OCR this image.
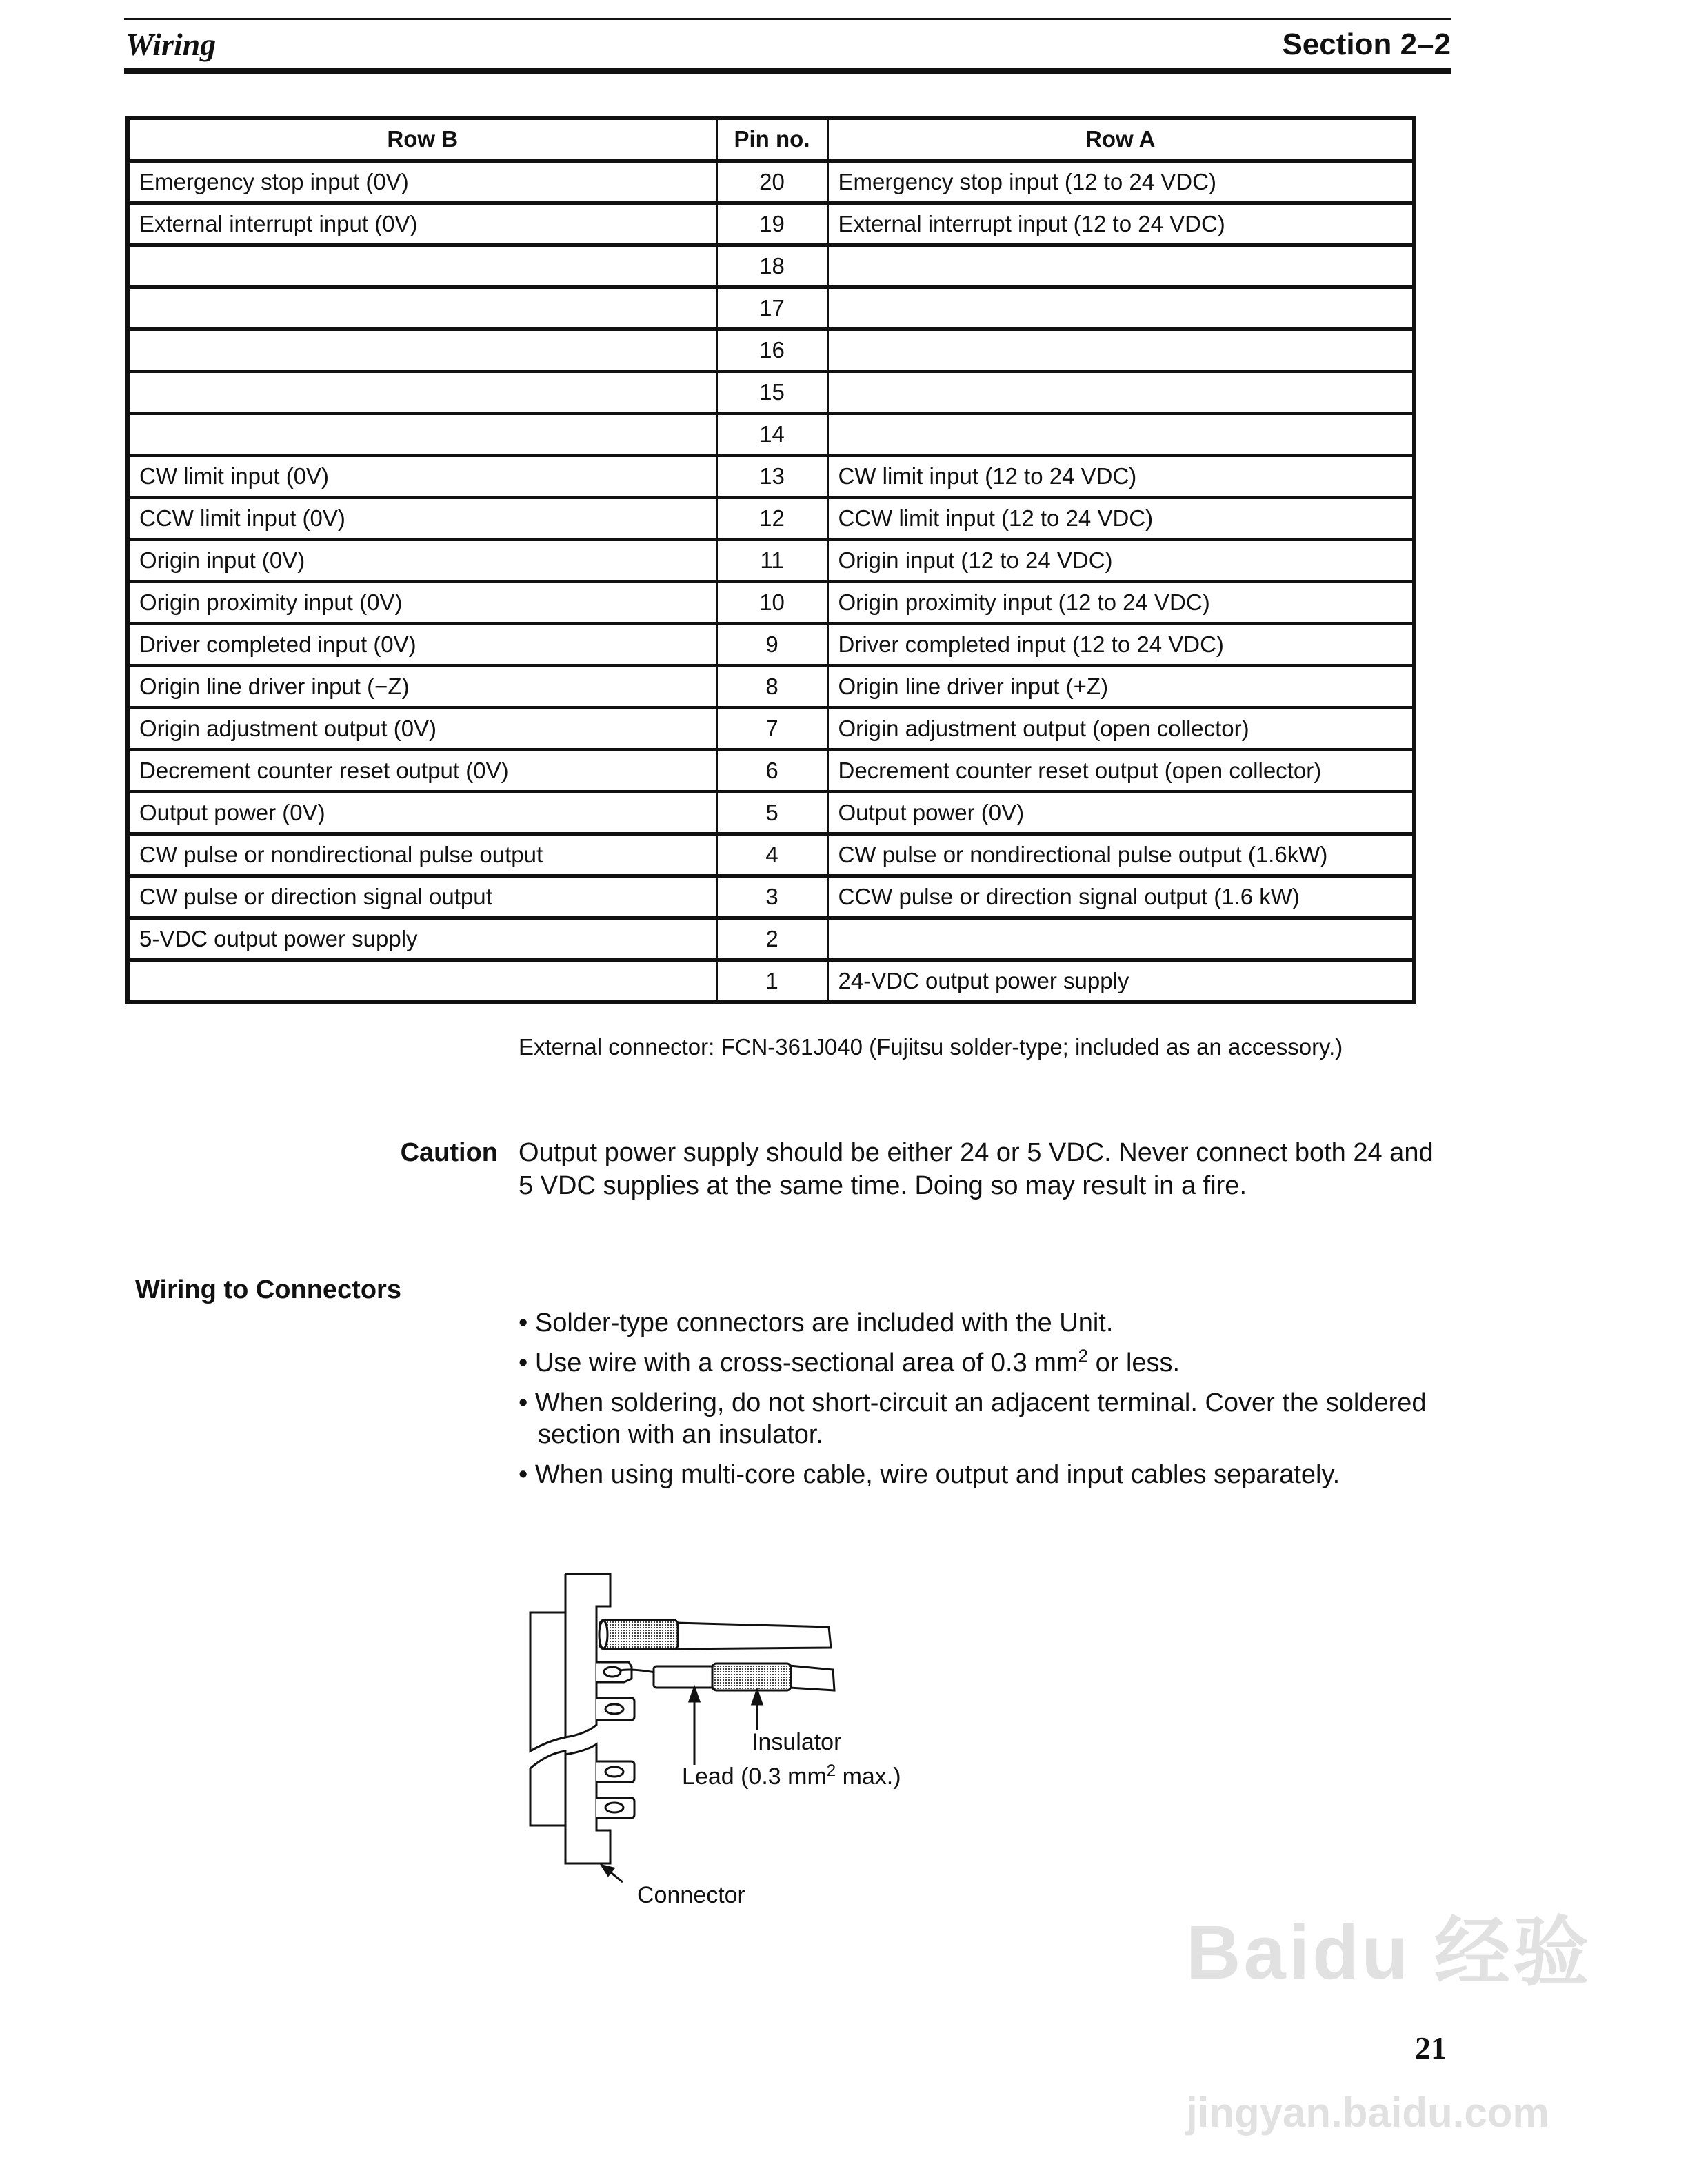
Wiring	Section 2–2
Row B	Pin no.	Row A
Emergency stop input (0V)	20	Emergency stop input (12 to 24 VDC)
External interrupt input (0V)	19	External interrupt input (12 to 24 VDC)
	18	
	17	
	16	
	15	
	14	
CW limit input (0V)	13	CW limit input (12 to 24 VDC)
CCW limit input (0V)	12	CCW limit input (12 to 24 VDC)
Origin input (0V)	11	Origin input (12 to 24 VDC)
Origin proximity input (0V)	10	Origin proximity input (12 to 24 VDC)
Driver completed input (0V)	9	Driver completed input (12 to 24 VDC)
Origin line driver input (−Z)	8	Origin line driver input (+Z)
Origin adjustment output (0V)	7	Origin adjustment output (open collector)
Decrement counter reset output (0V)	6	Decrement counter reset output (open collector)
Output power (0V)	5	Output power (0V)
CW pulse or nondirectional pulse output	4	CW pulse or nondirectional pulse output (1.6kW)
CW pulse or direction signal output	3	CCW pulse or direction signal output (1.6 kW)
5-VDC output power supply	2	
	1	24-VDC output power supply
External connector: FCN-361J040 (Fujitsu solder-type; included as an accessory.)
Caution Output power supply should be either 24 or 5 VDC. Never connect both 24 and 5 VDC supplies at the same time. Doing so may result in a fire.
Wiring to Connectors
• Solder-type connectors are included with the Unit.
• Use wire with a cross-sectional area of 0.3 $mm^2$ or less.
• When soldering, do not short-circuit an adjacent terminal. Cover the soldered section with an insulator.
• When using multi-core cable, wire output and input cables separately.
Insulator
Lead (0.3 $mm^2$ max.)
Connector
Baidu 经验
jingyan.baidu.com
21
